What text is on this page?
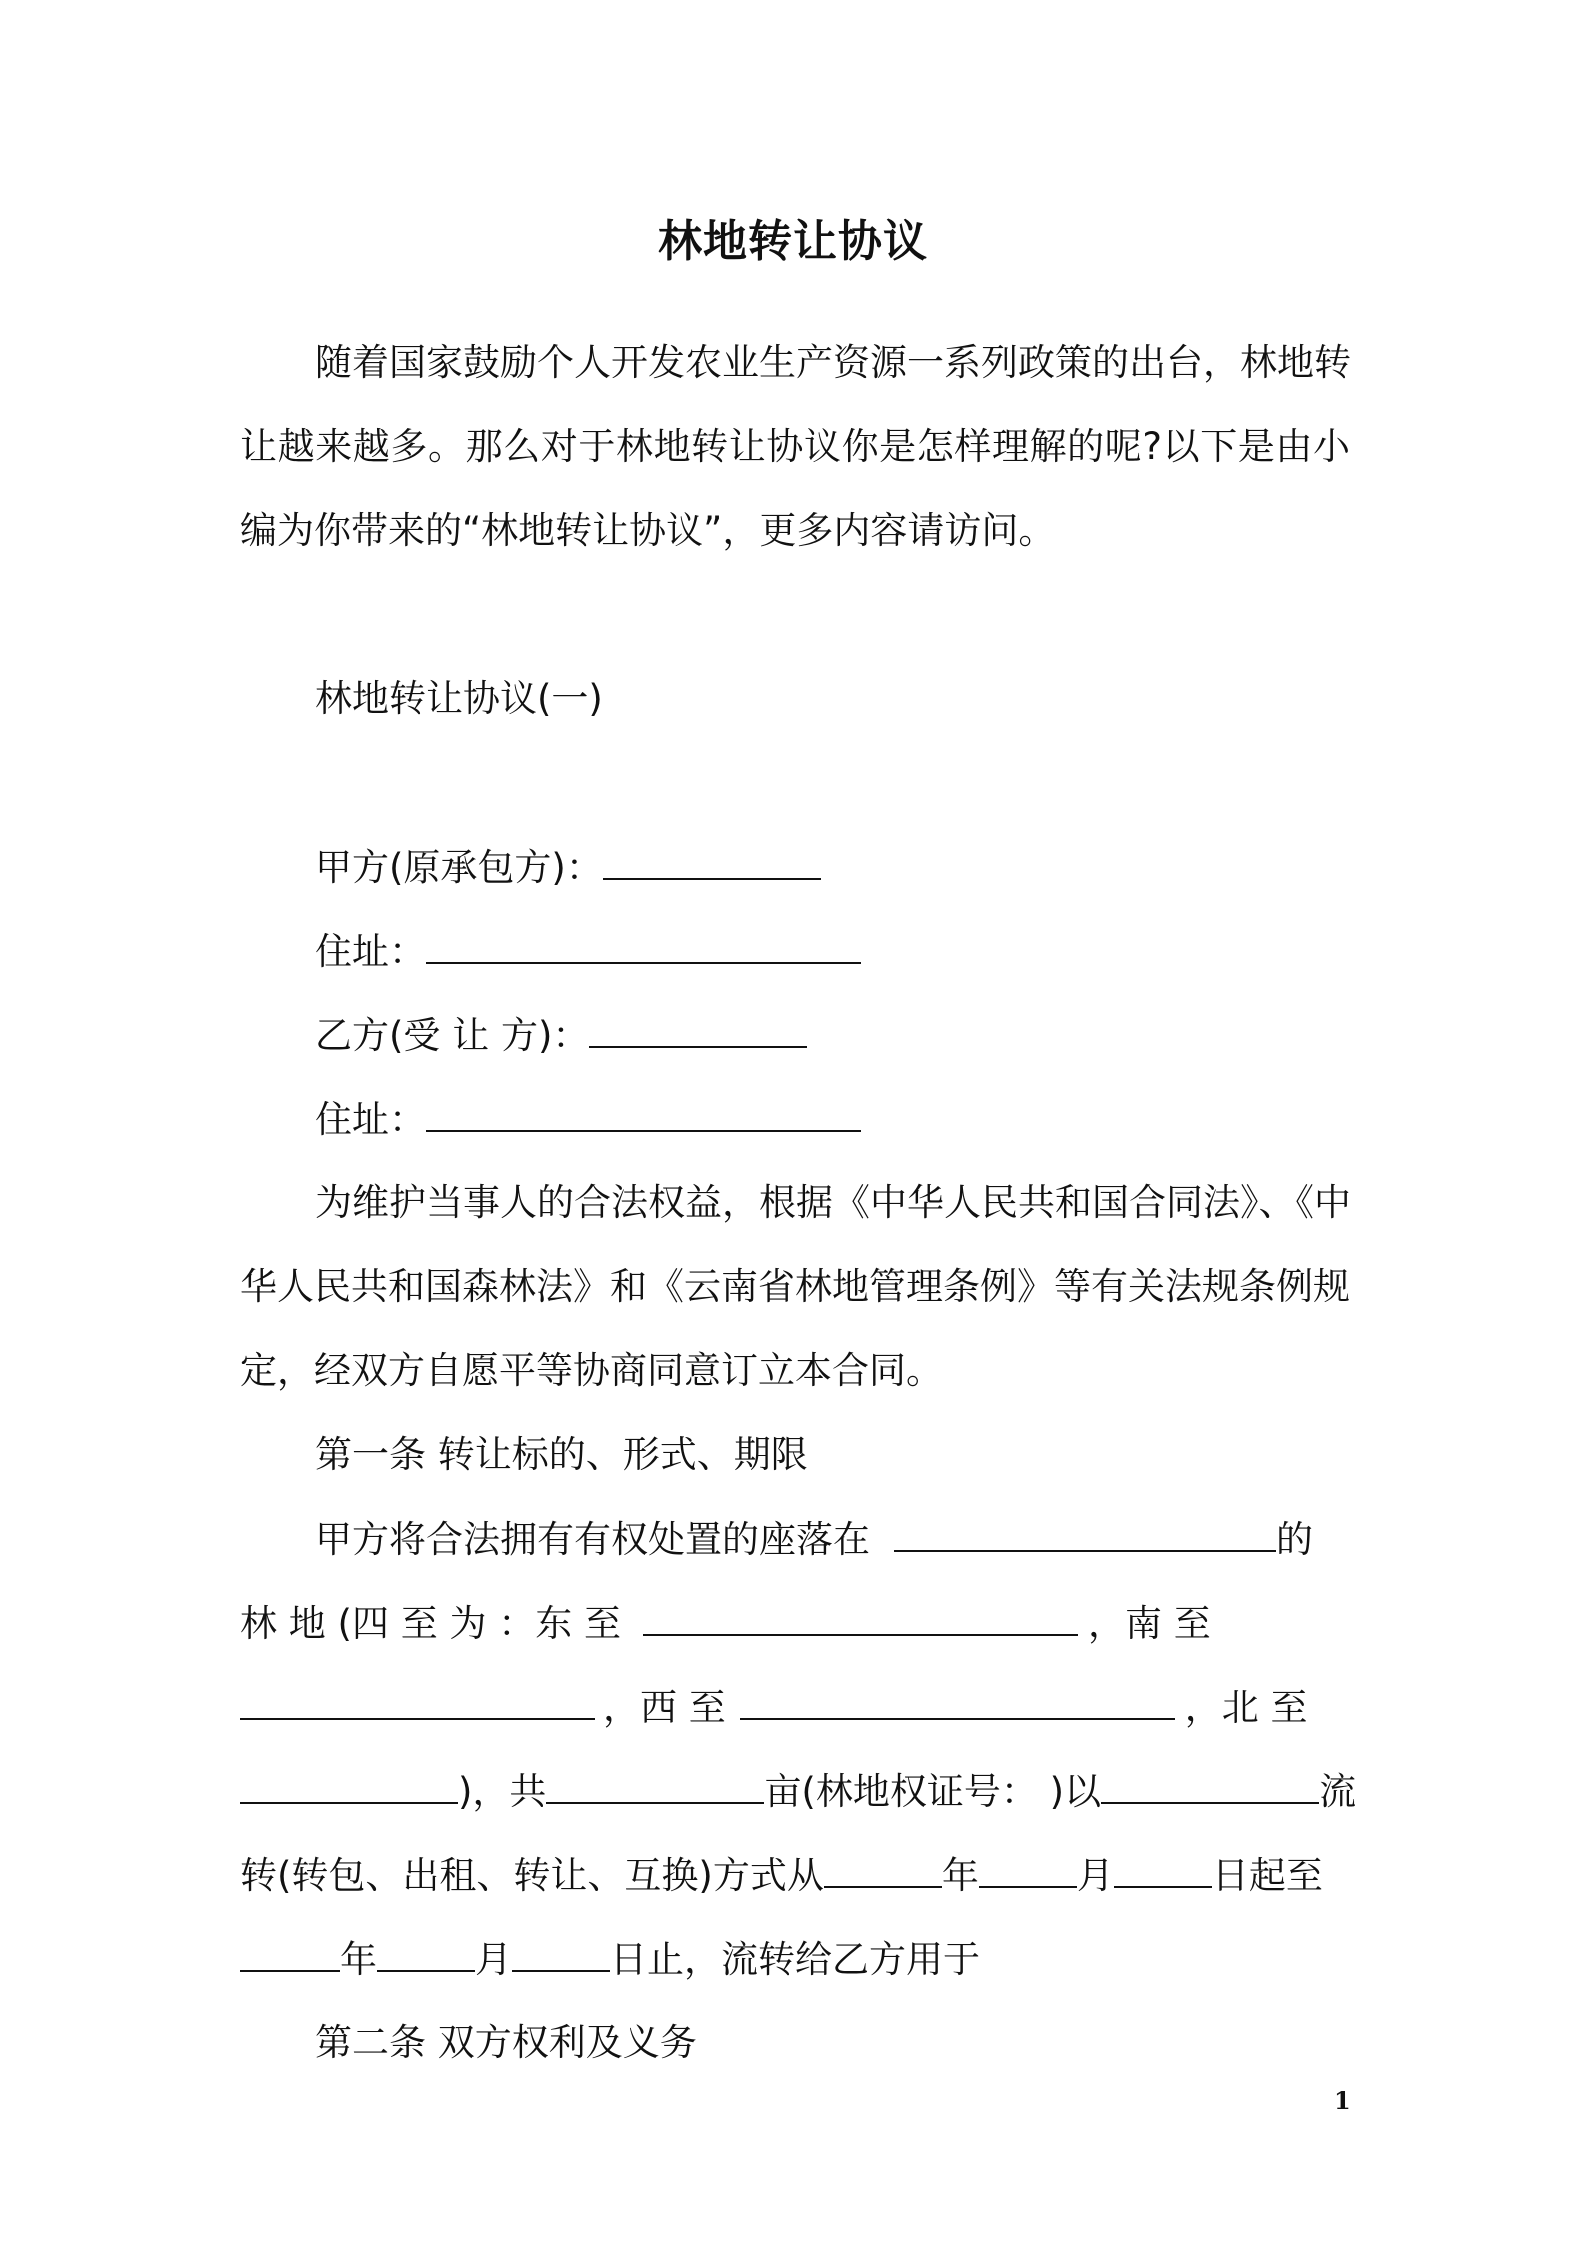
林地转让协议
随着国家鼓励个人开发农业生产资源一系列政策的出台，林地转
让越来越多。那么对于林地转让协议你是怎样理解的呢?以下是由小
编为你带来的“林地转让协议”，更多内容请访问。
林地转让协议(一)
甲方(原承包方)：
住址：
乙方(受 让 方)：
住址：
为维护当事人的合法权益，根据《中华人民共和国合同法》、《中
华人民共和国森林法》和《云南省林地管理条例》等有关法规条例规
定，经双方自愿平等协商同意订立本合同。
第一条 转让标的、形式、期限
甲方将合法拥有有权处置的座落在	的
林 地 (四 至 为 ：东 至	，南 至
，西 至	，北 至
)，共	亩(林地权证号： )以	流
转(转包、出租、转让、互换)方式从	年	月	日起至
年	月	日止，流转给乙方用于
第二条 双方权利及义务
1
